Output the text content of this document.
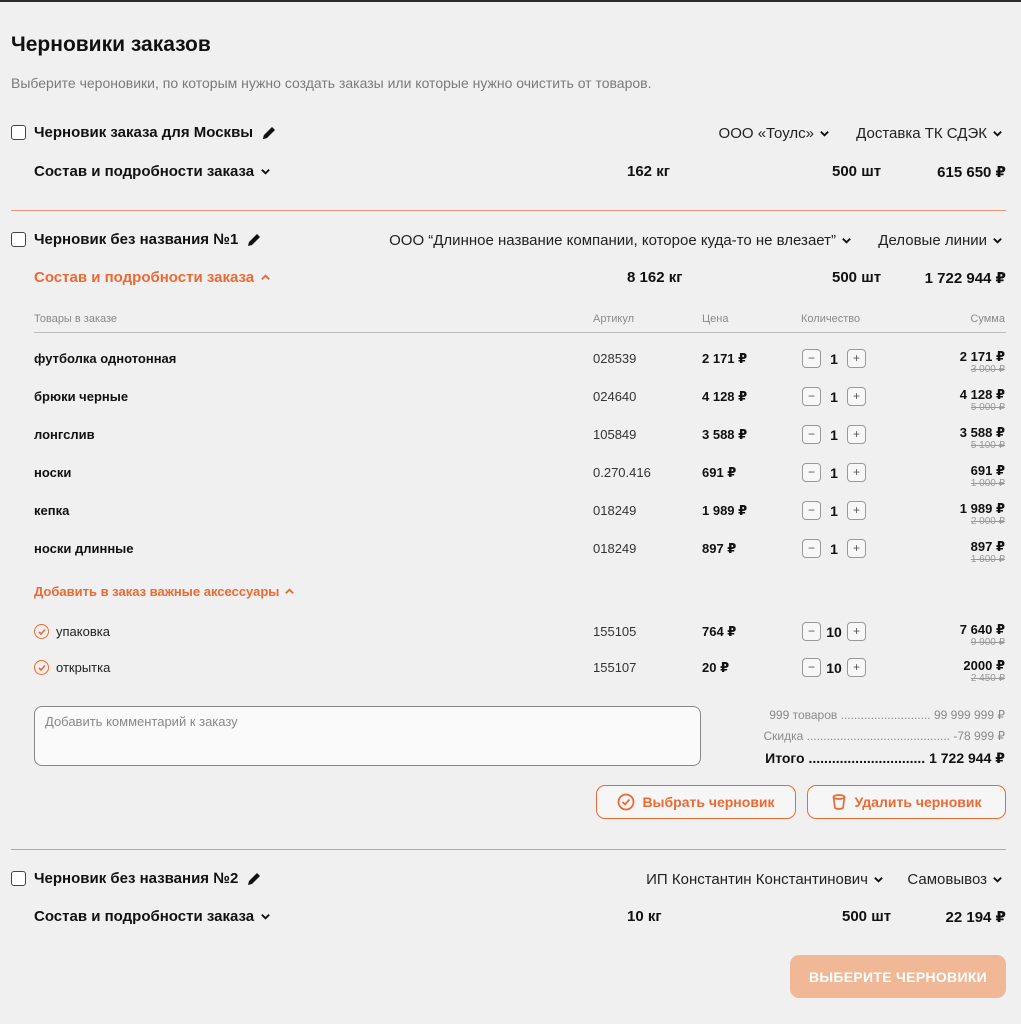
Черновики заказов

Выберите чероновики, по которым нужно создать заказы или которые нужно очистить от товаров.

Черновик заказа для Москвы	ООО «Тоулс»	Доставка ТК СДЭК
Состав и подробности заказа	162 кг	500 шт	615 650 ₽
Черновик без названия №1	ООО “Длинное название компании, которое куда-то не влезает”	Деловые линии
Состав и подробности заказа	8 162 кг	500 шт	1 722 944 ₽
Товары в заказе	Артикул	Цена	Количество	Сумма
футболка однотонная	028539	2 171 ₽	−	1	+	2 171 ₽
3 000 ₽
брюки черные	024640	4 128 ₽	−	1	+	4 128 ₽
5 000 ₽
лонгслив	105849	3 588 ₽	−	1	+	3 588 ₽
5 100 ₽
носки	0.270.416	691 ₽	−	1	+	691 ₽
1 000 ₽
кепка	018249	1 989 ₽	−	1	+	1 989 ₽
2 000 ₽
носки длинные	018249	897 ₽	−	1	+	897 ₽
1 600 ₽
Добавить в заказ важные аксессуары
упаковка	155105	764 ₽	− 10 +	7 640 ₽
9 900 ₽
открытка	155107	20 ₽	− 10 +	2000 ₽
2 450 ₽
Добавить комментарий к заказу
999 товаров ........................... 99 999 999 ₽
Скидка ........................................... -78 999 ₽
Итого .............................. 1 722 944 ₽
Выбрать черновик	Удалить черновик
Черновик без названия №2	ИП Константин Константинович	Самовывоз
Состав и подробности заказа	10 кг	500 шт	22 194 ₽
ВЫБЕРИТЕ ЧЕРНОВИКИ
